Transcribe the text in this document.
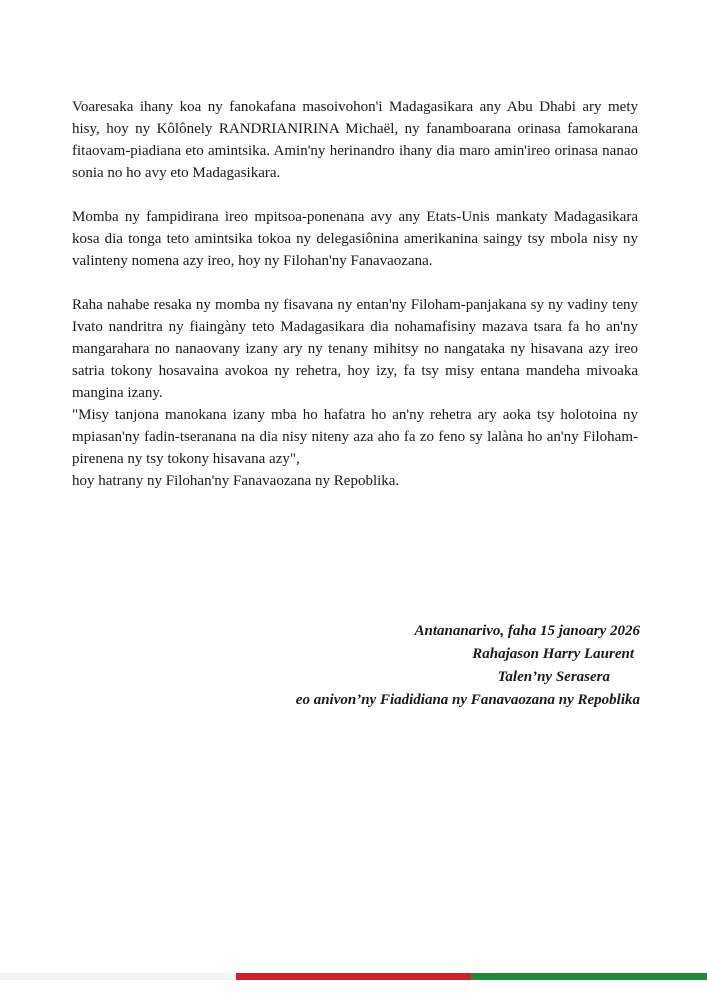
Voaresaka ihany koa ny fanokafana masoivohon'i Madagasikara any Abu Dhabi ary mety hisy, hoy ny Kôlônely RANDRIANIRINA Michaël, ny fanamboarana orinasa famokarana fitaovam-piadiana eto amintsika. Amin'ny herinandro ihany dia maro amin'ireo orinasa nanao sonia no ho avy eto Madagasikara.

Momba ny fampidirana ireo mpitsoa-ponenana avy any Etats-Unis mankaty Madagasikara kosa dia tonga teto amintsika tokoa ny delegasiônina amerikanina saingy tsy mbola nisy ny valinteny nomena azy ireo, hoy ny Filohan'ny Fanavaozana.

Raha nahabe resaka ny momba ny fisavana ny entan'ny Filoham-panjakana sy ny vadiny teny Ivato nandritra ny fiaingàny teto Madagasikara dia nohamafisiny mazava tsara fa ho an'ny mangarahara no nanaovany izany ary ny tenany mihitsy no nangataka ny hisavana azy ireo satria tokony hosavaina avokoa ny rehetra, hoy izy, fa tsy misy entana mandeha mivoaka mangina izany.

"Misy tanjona manokana izany mba ho hafatra ho an'ny rehetra ary aoka tsy holotoina ny mpiasan'ny fadin-tseranana na dia nisy niteny aza aho fa zo feno sy lalàna ho an'ny Filoham-pirenena ny tsy tokony hisavana azy",

hoy hatrany ny Filohan'ny Fanavaozana ny Repoblika.

Antananarivo, faha 15 janoary 2026
Rahajason Harry Laurent
Talen’ny Serasera
eo anivon’ny Fiadidiana ny Fanavaozana ny Repoblika
